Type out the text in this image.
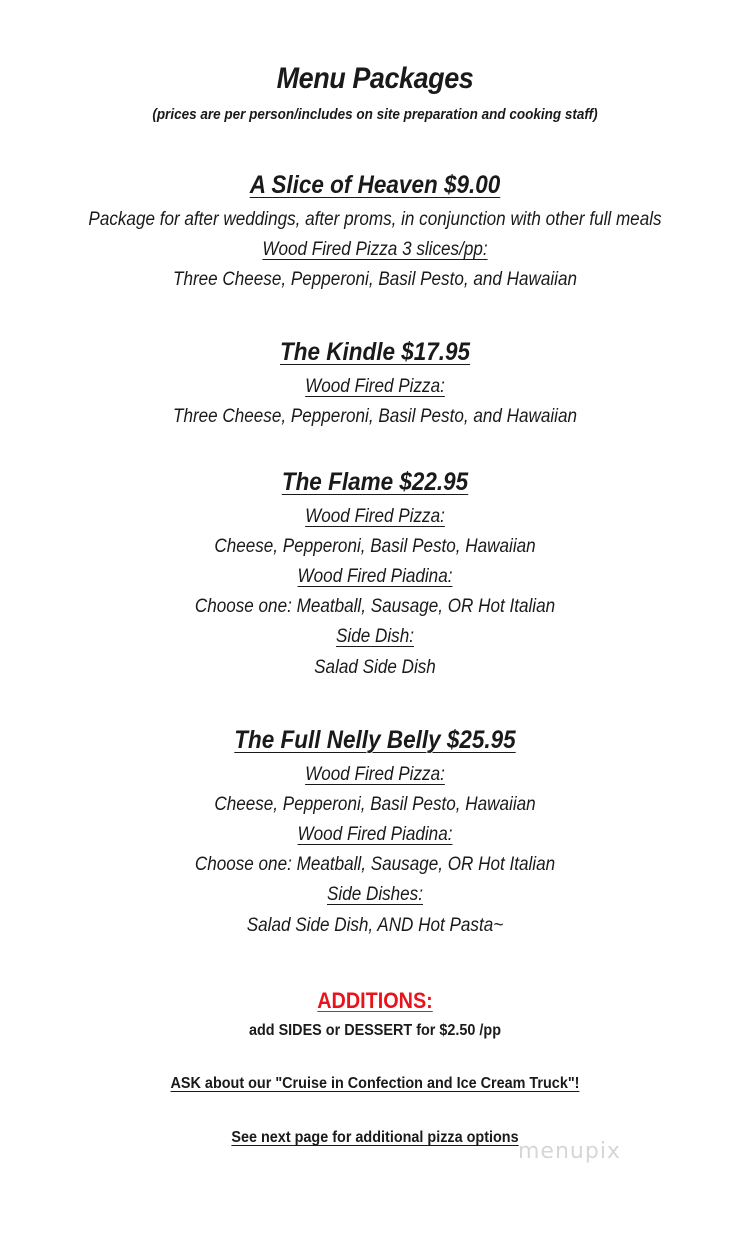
Menu Packages
(prices are per person/includes on site preparation and cooking staff)
A Slice of Heaven $9.00
Package for after weddings, after proms, in conjunction with other full meals
Wood Fired Pizza 3 slices/pp:
Three Cheese, Pepperoni, Basil Pesto, and Hawaiian
The Kindle $17.95
Wood Fired Pizza:
Three Cheese, Pepperoni, Basil Pesto, and Hawaiian
The Flame $22.95
Wood Fired Pizza:
Cheese, Pepperoni, Basil Pesto, Hawaiian
Wood Fired Piadina:
Choose one: Meatball, Sausage, OR Hot Italian
Side Dish:
Salad Side Dish
The Full Nelly Belly $25.95
Wood Fired Pizza:
Cheese, Pepperoni, Basil Pesto, Hawaiian
Wood Fired Piadina:
Choose one: Meatball, Sausage, OR Hot Italian
Side Dishes:
Salad Side Dish, AND Hot Pasta~
ADDITIONS:
add SIDES or DESSERT for $2.50 /pp
ASK about our "Cruise in Confection and Ice Cream Truck"!
See next page for additional pizza options
menupix
